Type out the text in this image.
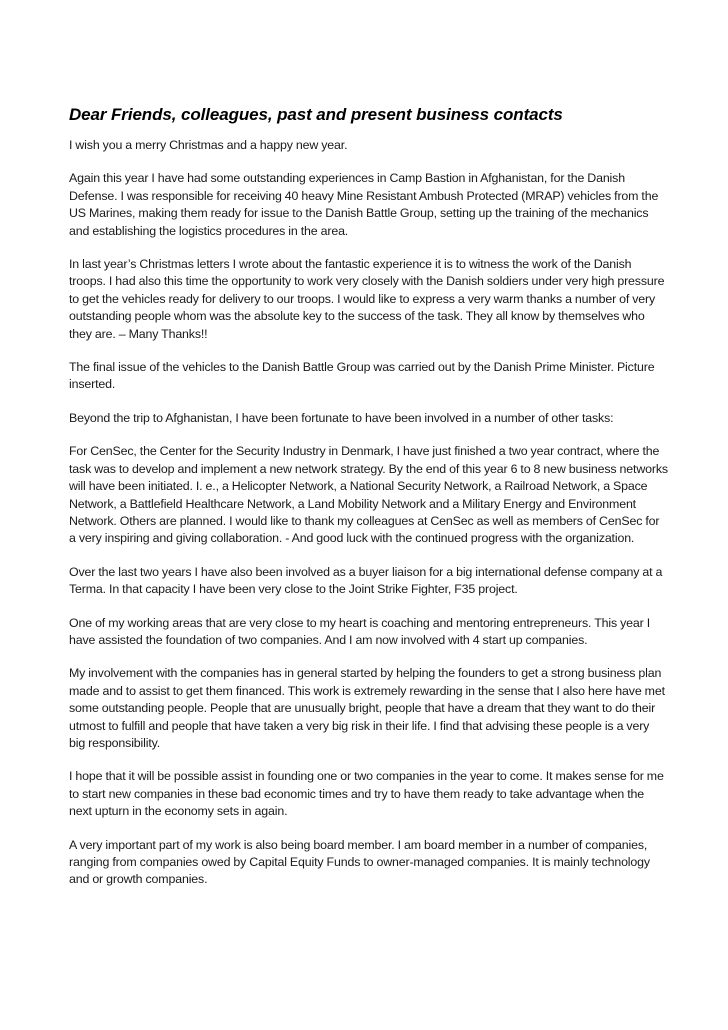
Dear Friends, colleagues, past and present business contacts

I wish you a merry Christmas and a happy new year.

Again this year I have had some outstanding experiences in Camp Bastion in Afghanistan, for the Danish Defense. I was responsible for receiving 40 heavy Mine Resistant Ambush Protected (MRAP) vehicles from the US Marines, making them ready for issue to the Danish Battle Group, setting up the training of the mechanics and establishing the logistics procedures in the area.

In last year’s Christmas letters I wrote about the fantastic experience it is to witness the work of the Danish troops. I had also this time the opportunity to work very closely with the Danish soldiers under very high pressure to get the vehicles ready for delivery to our troops. I would like to express a very warm thanks a number of very outstanding people whom was the absolute key to the success of the task. They all know by themselves who they are. – Many Thanks!!

The final issue of the vehicles to the Danish Battle Group was carried out by the Danish Prime Minister. Picture inserted.

Beyond the trip to Afghanistan, I have been fortunate to have been involved in a number of other tasks:

For CenSec, the Center for the Security Industry in Denmark, I have just finished a two year contract, where the task was to develop and implement a new network strategy. By the end of this year 6 to 8 new business networks will have been initiated. I. e., a Helicopter Network, a National Security Network, a Railroad Network, a Space Network, a Battlefield Healthcare Network, a Land Mobility Network and a Military Energy and Environment Network. Others are planned. I would like to thank my colleagues at CenSec as well as members of CenSec for a very inspiring and giving collaboration. - And good luck with the continued progress with the organization.

Over the last two years I have also been involved as a buyer liaison for a big international defense company at a Terma. In that capacity I have been very close to the Joint Strike Fighter, F35 project.

One of my working areas that are very close to my heart is coaching and mentoring entrepreneurs. This year I have assisted the foundation of two companies. And I am now involved with 4 start up companies.

My involvement with the companies has in general started by helping the founders to get a strong business plan made and to assist to get them financed. This work is extremely rewarding in the sense that I also here have met some outstanding people. People that are unusually bright, people that have a dream that they want to do their utmost to fulfill and people that have taken a very big risk in their life. I find that advising these people is a very big responsibility.

I hope that it will be possible assist in founding one or two companies in the year to come. It makes sense for me to start new companies in these bad economic times and try to have them ready to take advantage when the next upturn in the economy sets in again.

A very important part of my work is also being board member. I am board member in a number of companies, ranging from companies owed by Capital Equity Funds to owner-managed companies. It is mainly technology and or growth companies.
